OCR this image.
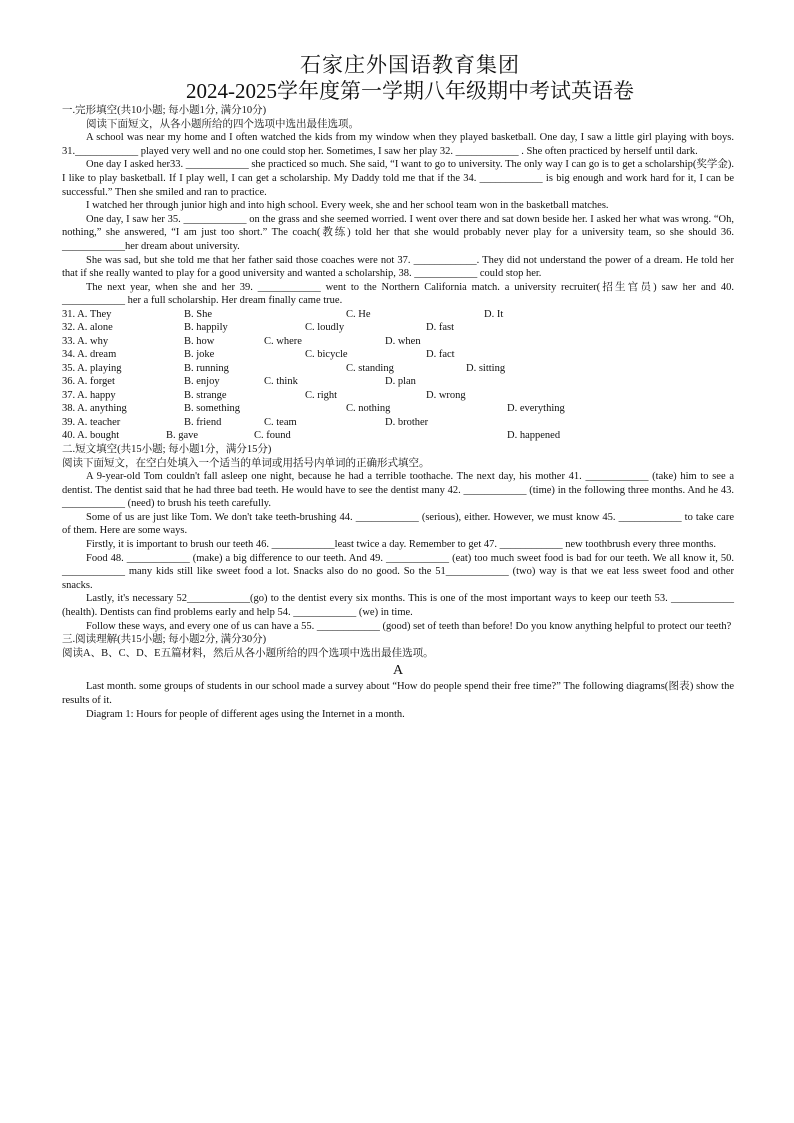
石家庄外国语教育集团
2024-2025学年度第一学期八年级期中考试英语卷
一.完形填空(共10小题; 每小题1分, 满分10分)
阅读下面短文，从各小题所给的四个选项中选出最佳选项。

A school was near my home and I often watched the kids from my window when they played basketball. One day, I saw a little girl playing with boys. 31.____________ played very well and no one could stop her. Sometimes, I saw her play 32. ____________ . She often practiced by herself until dark.

One day I asked her33. ____________ she practiced so much. She said, “I want to go to university. The only way I can go is to get a scholarship(奖学金). I like to play basketball. If I play well, I can get a scholarship. My Daddy told me that if the 34. ____________ is big enough and work hard for it, I can be successful.” Then she smiled and ran to practice.

I watched her through junior high and into high school. Every week, she and her school team won in the basketball matches.

One day, I saw her 35. ____________ on the grass and she seemed worried. I went over there and sat down beside her. I asked her what was wrong. “Oh, nothing,” she answered, “I am just too short.” The coach(教练) told her that she would probably never play for a university team, so she should 36. ____________her dream about university.

She was sad, but she told me that her father said those coaches were not 37. ____________. They did not understand the power of a dream. He told her that if she really wanted to play for a good university and wanted a scholarship, 38. ____________ could stop her.

The next year, when she and her 39. ____________ went to the Northern California match. a university recruiter(招生官员) saw her and 40. ____________ her a full scholarship. Her dream finally came true.

31. A. They	B. She	C. He	D. It
32. A. alone	B. happily	C. loudly	D. fast
33. A. why	B. how	C. where	D. when
34. A. dream	B. joke	C. bicycle	D. fact
35. A. playing	B. running	C. standing	D. sitting
36. A. forget	B. enjoy	C. think	D. plan
37. A. happy	B. strange	C. right	D. wrong
38. A. anything	B. something	C. nothing	D. everything
39. A. teacher	B. friend	C. team	D. brother
40. A. bought	B. gave	C. found	D. happened
二.短文填空(共15小题; 每小题1分，满分15分)
阅读下面短文，在空白处填入一个适当的单词或用括号内单词的正确形式填空。

A 9-year-old Tom couldn't fall asleep one night, because he had a terrible toothache. The next day, his mother 41. ____________ (take) him to see a dentist. The dentist said that he had three bad teeth. He would have to see the dentist many 42. ____________ (time) in the following three months. And he 43. ____________ (need) to brush his teeth carefully.

Some of us are just like Tom. We don't take teeth-brushing 44. ____________ (serious), either. However, we must know 45. ____________ to take care of them. Here are some ways.

Firstly, it is important to brush our teeth 46. ____________least twice a day. Remember to get 47. ____________ new toothbrush every three months.

Food 48. ____________ (make) a big difference to our teeth. And 49. ____________ (eat) too much sweet food is bad for our teeth. We all know it, 50. ____________ many kids still like sweet food a lot. Snacks also do no good. So the 51____________ (two) way is that we eat less sweet food and other snacks.

Lastly, it's necessary 52____________(go) to the dentist every six months. This is one of the most important ways to keep our teeth 53. ____________ (health). Dentists can find problems early and help 54. ____________ (we) in time.

Follow these ways, and every one of us can have a 55. ____________ (good) set of teeth than before! Do you know anything helpful to protect our teeth?

三.阅读理解(共15小题; 每小题2分, 满分30分)
阅读A、B、C、D、E五篇材料，然后从各小题所给的四个选项中选出最佳选项。
A

Last month. some groups of students in our school made a survey about “How do people spend their free time?” The following diagrams(图表) show the results of it.

Diagram 1: Hours for people of different ages using the Internet in a month.
